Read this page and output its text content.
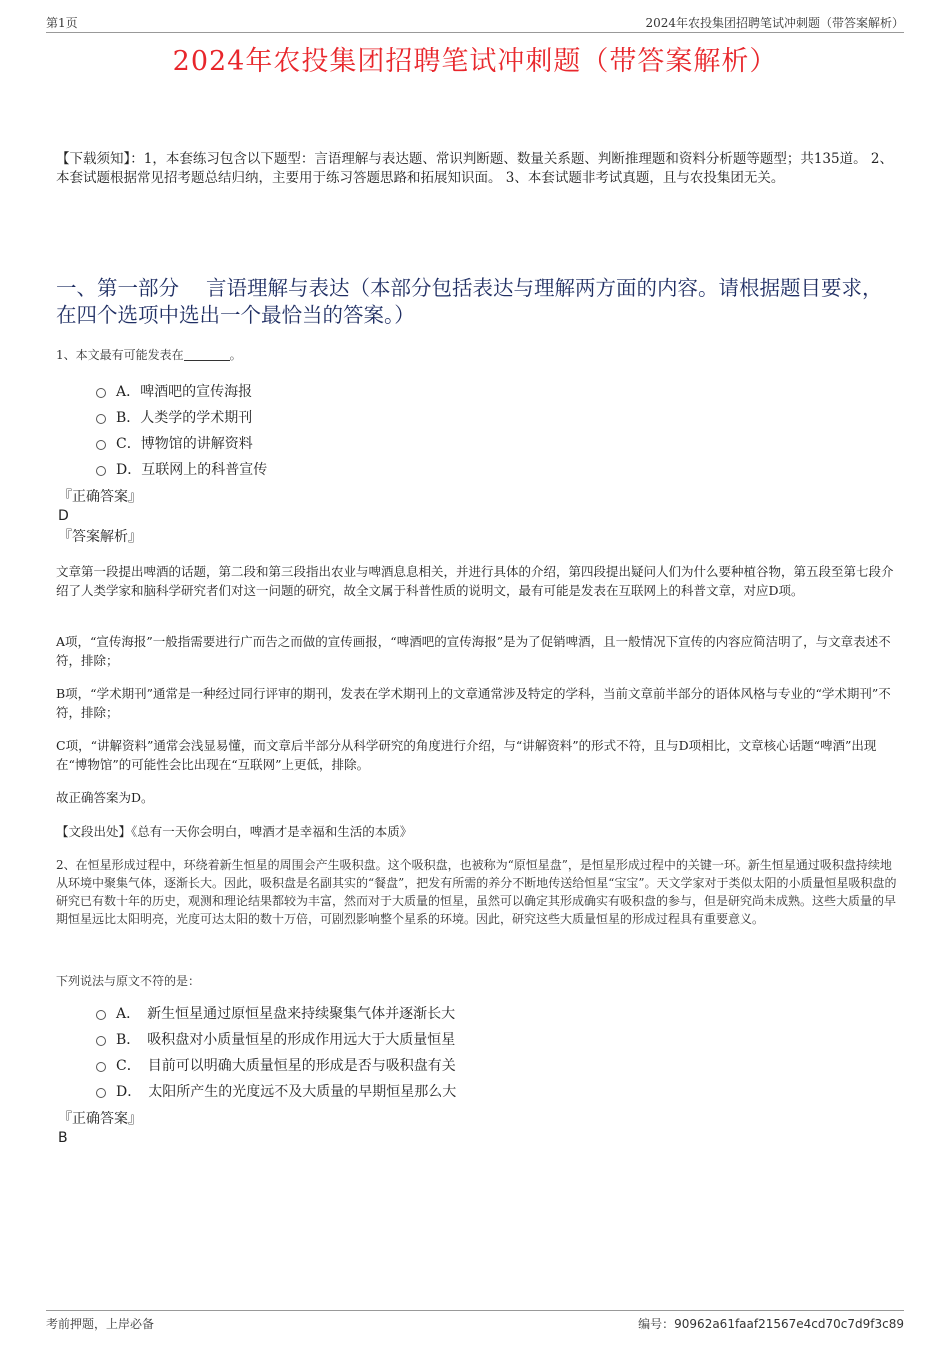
第1页	2024年农投集团招聘笔试冲刺题（带答案解析）
2024年农投集团招聘笔试冲刺题（带答案解析）
【下载须知】：1，本套练习包含以下题型：言语理解与表达题、常识判断题、数量关系题、判断推理题和资料分析题等题型；共135道。 2、本套试题根据常见招考题总结归纳，主要用于练习答题思路和拓展知识面。 3、本套试题非考试真题，且与农投集团无关。
一、第一部分　 言语理解与表达（本部分包括表达与理解两方面的内容。请根据题目要求，在四个选项中选出一个最恰当的答案。）
1、本文最有可能发表在	。
A．啤酒吧的宣传海报
B．人类学的学术期刊
C．博物馆的讲解资料
D．互联网上的科普宣传
『正确答案』
D
『答案解析』
文章第一段提出啤酒的话题，第二段和第三段指出农业与啤酒息息相关，并进行具体的介绍，第四段提出疑问人们为什么要种植谷物，第五段至第七段介绍了人类学家和脑科学研究者们对这一问题的研究，故全文属于科普性质的说明文，最有可能是发表在互联网上的科普文章，对应D项。
A项，“宣传海报”一般指需要进行广而告之而做的宣传画报，“啤酒吧的宣传海报”是为了促销啤酒，且一般情况下宣传的内容应简洁明了，与文章表述不符，排除；
B项，“学术期刊”通常是一种经过同行评审的期刊，发表在学术期刊上的文章通常涉及特定的学科，当前文章前半部分的语体风格与专业的“学术期刊”不符，排除；
C项，“讲解资料”通常会浅显易懂，而文章后半部分从科学研究的角度进行介绍，与“讲解资料”的形式不符，且与D项相比，文章核心话题“啤酒”出现在“博物馆”的可能性会比出现在“互联网”上更低，排除。
故正确答案为D。
【文段出处】《总有一天你会明白，啤酒才是幸福和生活的本质》
2、在恒星形成过程中，环绕着新生恒星的周围会产生吸积盘。这个吸积盘，也被称为“原恒星盘”，是恒星形成过程中的关键一环。新生恒星通过吸积盘持续地从环境中聚集气体，逐渐长大。因此，吸积盘是名副其实的“餐盘”，把发有所需的养分不断地传送给恒星“宝宝”。天文学家对于类似太阳的小质量恒星吸积盘的研究已有数十年的历史，观测和理论结果都较为丰富，然而对于大质量的恒星，虽然可以确定其形成确实有吸积盘的参与，但是研究尚未成熟。这些大质量的早期恒星远比太阳明亮，光度可达太阳的数十万倍，可剧烈影响整个星系的环境。因此，研究这些大质量恒星的形成过程具有重要意义。
下列说法与原文不符的是：
A．　新生恒星通过原恒星盘来持续聚集气体并逐渐长大
B．　吸积盘对小质量恒星的形成作用远大于大质量恒星
C．　目前可以明确大质量恒星的形成是否与吸积盘有关
D．　太阳所产生的光度远不及大质量的早期恒星那么大
『正确答案』
B
考前押题，上岸必备	编号：90962a61faaf21567e4cd70c7d9f3c89
